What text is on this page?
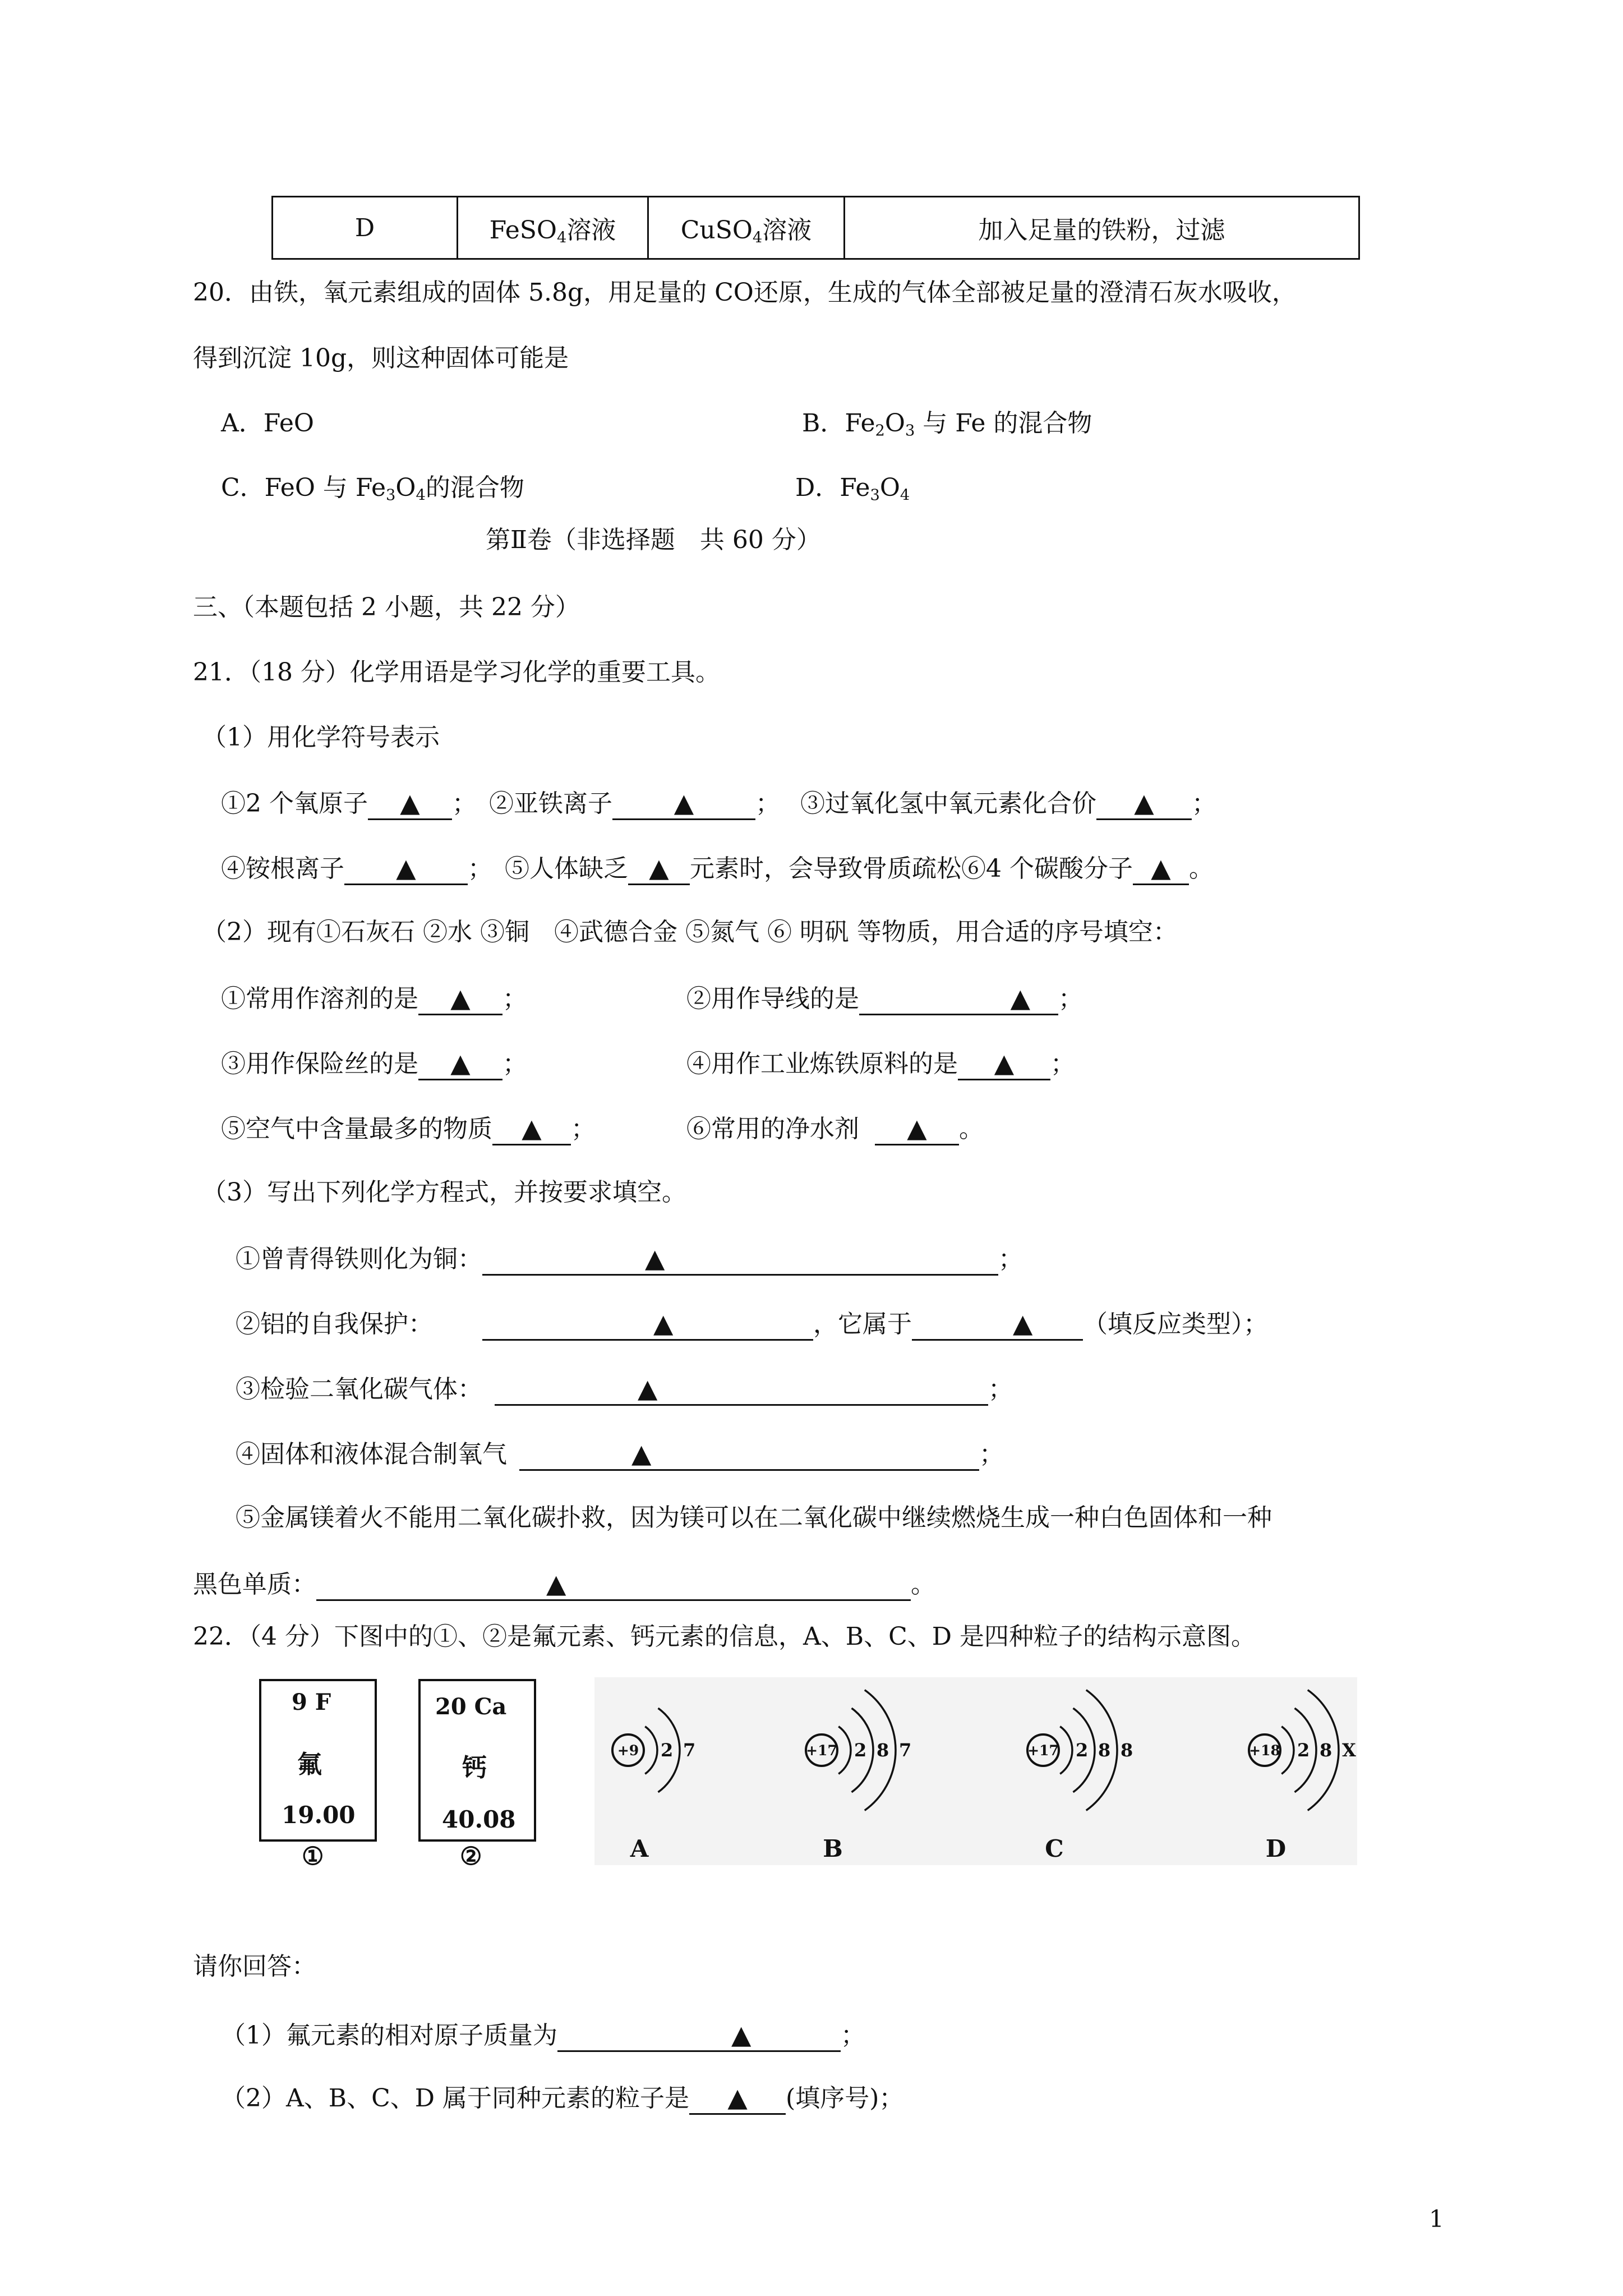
D	FeSO$_4$溶液	CuSO$_4$溶液	加入足量的铁粉，过滤
20．由铁，氧元素组成的固体 5.8g，用足量的 CO还原，生成的气体全部被足量的澄清石灰水吸收，
得到沉淀 10g，则这种固体可能是
A．FeO	B．$Fe_2O_3$ 与 Fe 的混合物
C．FeO 与 $Fe_3O_4$的混合物	D．$Fe_3O_4$
第Ⅱ卷（非选择题　共 60 分）
三、（本题包括 2 小题，共 22 分）
21．（18 分）化学用语是学习化学的重要工具。
（1）用化学符号表示
①2 个氧原子 ▲ ；　②亚铁离子 ▲ ；　 ③过氧化氢中氧元素化合价 ▲ ；
④铵根离子 ▲ ；　⑤人体缺乏 ▲ 元素时，会导致骨质疏松⑥4 个碳酸分子 ▲ 。
（2）现有①石灰石 ②水 ③铜　④武德合金 ⑤氮气 ⑥ 明矾 等物质，用合适的序号填空：
①常用作溶剂的是 ▲ ；	②用作导线的是	▲ ；
③用作保险丝的是 ▲ ；	④用作工业炼铁原料的是 ▲ ；
⑤空气中含量最多的物质 ▲ ；	⑥常用的净水剂 ▲ 。
（3）写出下列化学方程式，并按要求填空。
①曾青得铁则化为铜：	▲	；
②铝的自我保护：	▲	，它属于	▲ （填反应类型）；
③检验二氧化碳气体：	▲	；
④固体和液体混合制氧气	▲	；
⑤金属镁着火不能用二氧化碳扑救，因为镁可以在二氧化碳中继续燃烧生成一种白色固体和一种
黑色单质：	▲	。
22．（4 分）下图中的①、②是氟元素、钙元素的信息，A、B、C、D 是四种粒子的结构示意图。
9 F
氟
19.00
①
20 Ca
钙
40.08
②
+9 2 7
A
+17 2 8 7
B
+17 2 8 8
C
+18 2 8 X
D
请你回答：
（1）氟元素的相对原子质量为	▲	；
（2）A、B、C、D 属于同种元素的粒子是 ▲ (填序号)；
1
